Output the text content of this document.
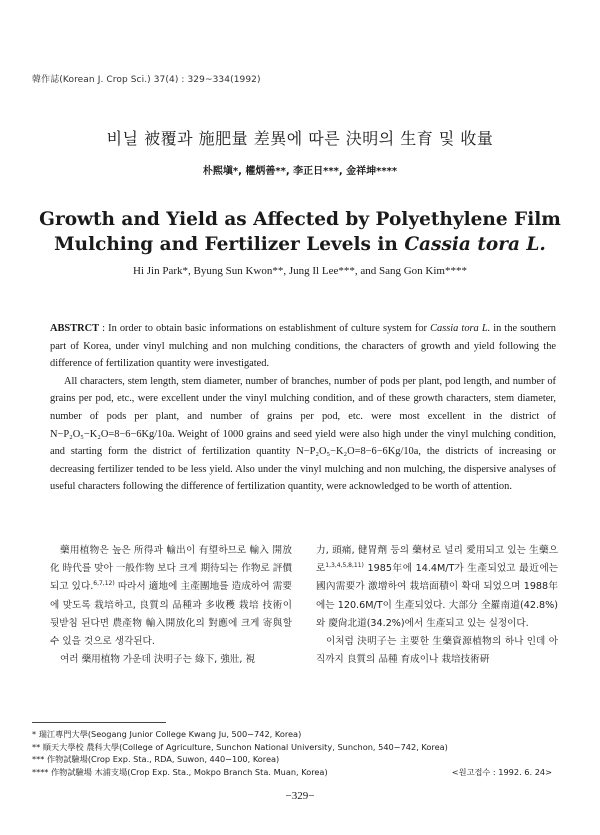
韓作誌(Korean J. Crop Sci.) 37(4) : 329~334(1992)
비닐 被覆과 施肥量 差異에 따른 決明의 生育 및 收量
朴熙塡*, 權炳善**, 李正日***, 金祥坤****
Growth and Yield as Affected by Polyethylene Film
Mulching and Fertilizer Levels in Cassia tora L.
Hi Jin Park*, Byung Sun Kwon**, Jung Il Lee***, and Sang Gon Kim****

ABSTRCT : In order to obtain basic informations on establishment of culture system for Cassia tora L. in the southern part of Korea, under vinyl mulching and non mulching conditions, the characters of growth and yield following the difference of fertilization quantity were investigated.

All characters, stem length, stem diameter, number of branches, number of pods per plant, pod length, and number of grains per pod, etc., were excellent under the vinyl mulching condition, and of these growth characters, stem diameter, number of pods per plant, and number of grains per pod, etc. were most excellent in the district of N−P₂O₅−K₂O=8−6−6Kg/10a. Weight of 1000 grains and seed yield were also high under the vinyl mulching condition, and starting form the district of fertilization quantity N−P₂O₅−K₂O=8−6−6Kg/10a, the districts of increasing or decreasing fertilizer tended to be less yield. Also under the vinyl mulching and non mulching, the dispersive analyses of useful characters following the difference of fertilization quantity, were acknowledged to be worth of attention.

藥用植物은 높은 所得과 輸出이 有望하므로 輸入 開放化 時代를 맞아 一般作物 보다 크게 期待되는 作物로 評價되고 있다.$^{6,7,12)}$ 따라서 適地에 主產團地를 造成하여 需要에 맞도록 栽培하고, 良質의 品種과 多收穫 栽培 技術이 뒷받침 된다면 農產物 輸入開放化의 對應에 크게 寄與할 수 있을 것으로 생각된다.

여러 藥用植物 가운데 決明子는 綠下, 強壯, 視

力, 頭痛, 健胃劑 등의 藥材로 널리 愛用되고 있는 生藥으로$^{1,3,4,5,8,11)}$ 1985年에 14.4M/T가 生產되었고 最近에는 國內需要가 激增하여 栽培面積이 확대 되었으며 1988年에는 120.6M/T이 生產되었다. 大部分 全羅南道(42.8%)와 慶尙北道(34.2%)에서 生產되고 있는 실정이다.

이처럼 決明子는 主要한 生藥資源植物의 하나 인데 아직까지 良質의 品種 育成이나 栽培技術硏

* 瑞江專門大學(Seogang Junior College Kwang Ju, 500−742, Korea)
** 順天大學校 農科大學(College of Agriculture, Sunchon National University, Sunchon, 540−742, Korea)
*** 作物試驗場(Crop Exp. Sta., RDA, Suwon, 440−100, Korea)
**** 作物試驗場 木浦支場(Crop Exp. Sta., Mokpo Branch Sta. Muan, Korea)	<원고접수 : 1992. 6. 24>
−329−
